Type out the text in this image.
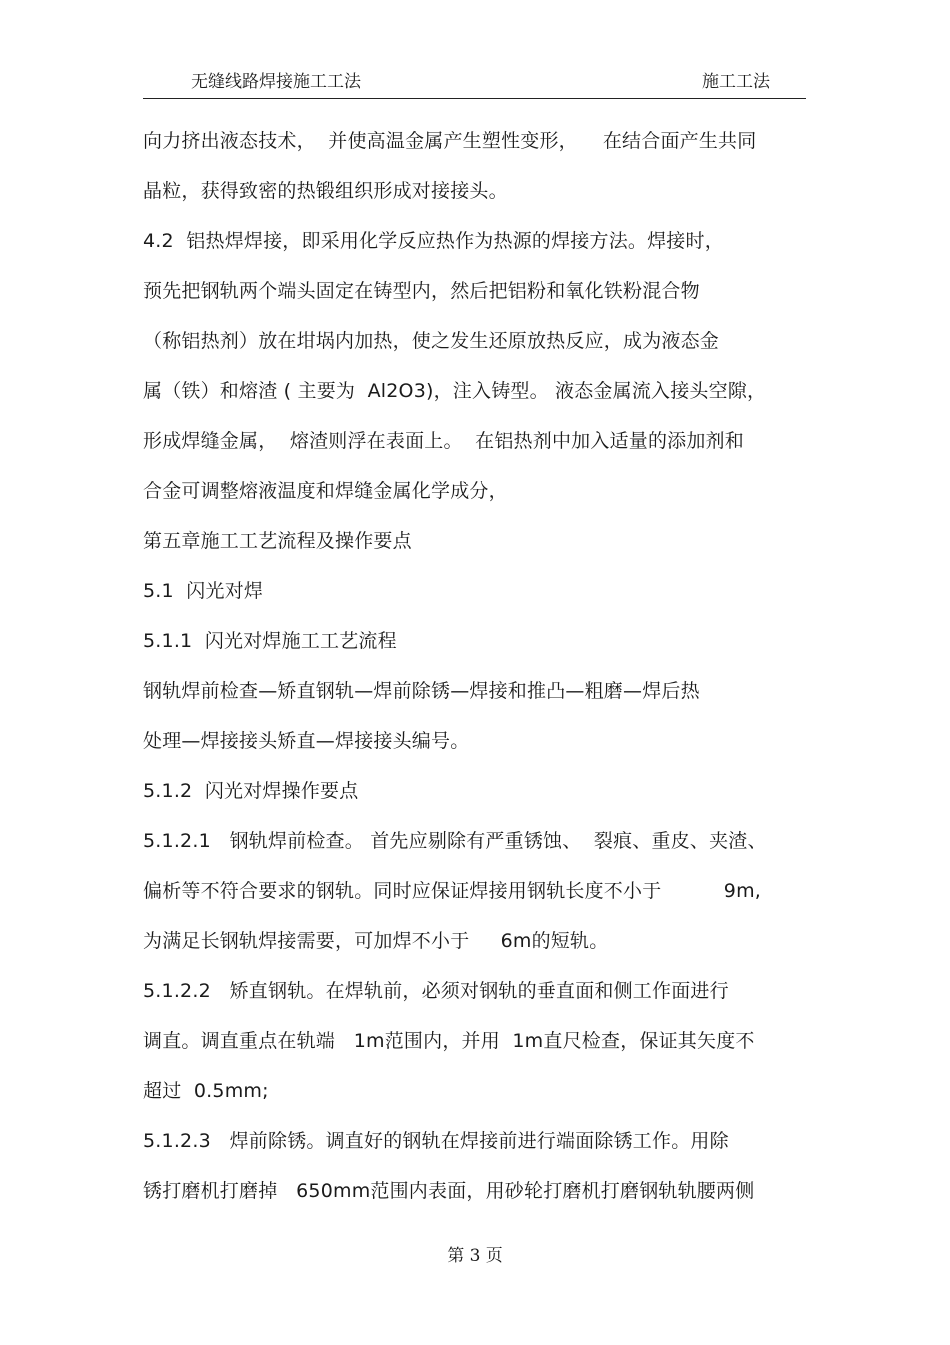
无缝线路焊接施工工法	施工工法
向力挤出液态技术，  并使高温金属产生塑性变形，    在结合面产生共同
晶粒，获得致密的热锻组织形成对接接头。
4.2  铝热焊焊接，即采用化学反应热作为热源的焊接方法。焊接时，
预先把钢轨两个端头固定在铸型内，然后把铝粉和氧化铁粉混合物
（称铝热剂）放在坩埚内加热，使之发生还原放热反应，成为液态金
属（铁）和熔渣 ( 主要为  Al2O3)，注入铸型。 液态金属流入接头空隙，
形成焊缝金属，  熔渣则浮在表面上。  在铝热剂中加入适量的添加剂和
合金可调整熔液温度和焊缝金属化学成分，
第五章施工工艺流程及操作要点
5.1  闪光对焊
5.1.1  闪光对焊施工工艺流程
钢轨焊前检查—矫直钢轨—焊前除锈—焊接和推凸—粗磨—焊后热
处理—焊接接头矫直—焊接接头编号。
5.1.2  闪光对焊操作要点
5.1.2.1   钢轨焊前检查。 首先应剔除有严重锈蚀、  裂痕、重皮、夹渣、
偏析等不符合要求的钢轨。同时应保证焊接用钢轨长度不小于          9m,
为满足长钢轨焊接需要，可加焊不小于     6m的短轨。
5.1.2.2   矫直钢轨。在焊轨前，必须对钢轨的垂直面和侧工作面进行
调直。调直重点在轨端   1m范围内，并用  1m直尺检查，保证其矢度不
超过  0.5mm;
5.1.2.3   焊前除锈。调直好的钢轨在焊接前进行端面除锈工作。用除
锈打磨机打磨掉   650mm范围内表面，用砂轮打磨机打磨钢轨轨腰两侧
第 3 页
